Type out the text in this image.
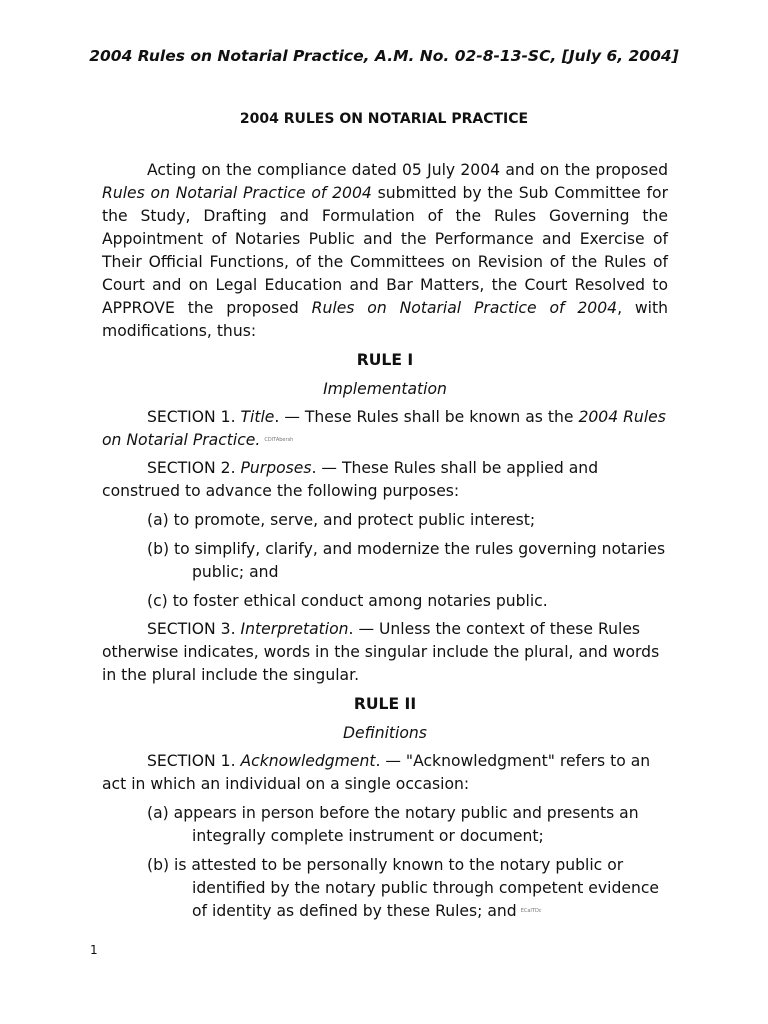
2004 Rules on Notarial Practice, A.M. No. 02-8-13-SC, [July 6, 2004]
2004 RULES ON NOTARIAL PRACTICE

Acting on the compliance dated 05 July 2004 and on the proposed Rules on Notarial Practice of 2004 submitted by the Sub Committee for the Study, Drafting and Formulation of the Rules Governing the Appointment of Notaries Public and the Performance and Exercise of Their Official Functions, of the Committees on Revision of the Rules of Court and on Legal Education and Bar Matters, the Court Resolved to APPROVE the proposed Rules on Notarial Practice of 2004, with modifications, thus:

RULE I

Implementation

SECTION 1. Title. — These Rules shall be known as the 2004 Rules on Notarial Practice. CDITAbersh

SECTION 2. Purposes. — These Rules shall be applied and construed to advance the following purposes:

(a) to promote, serve, and protect public interest;

(b) to simplify, clarify, and modernize the rules governing notaries public; and

(c) to foster ethical conduct among notaries public.

SECTION 3. Interpretation. — Unless the context of these Rules otherwise indicates, words in the singular include the plural, and words in the plural include the singular.

RULE II

Definitions

SECTION 1. Acknowledgment. — "Acknowledgment" refers to an act in which an individual on a single occasion:

(a) appears in person before the notary public and presents an integrally complete instrument or document;

(b) is attested to be personally known to the notary public or identified by the notary public through competent evidence of identity as defined by these Rules; and ECaITDc

1
